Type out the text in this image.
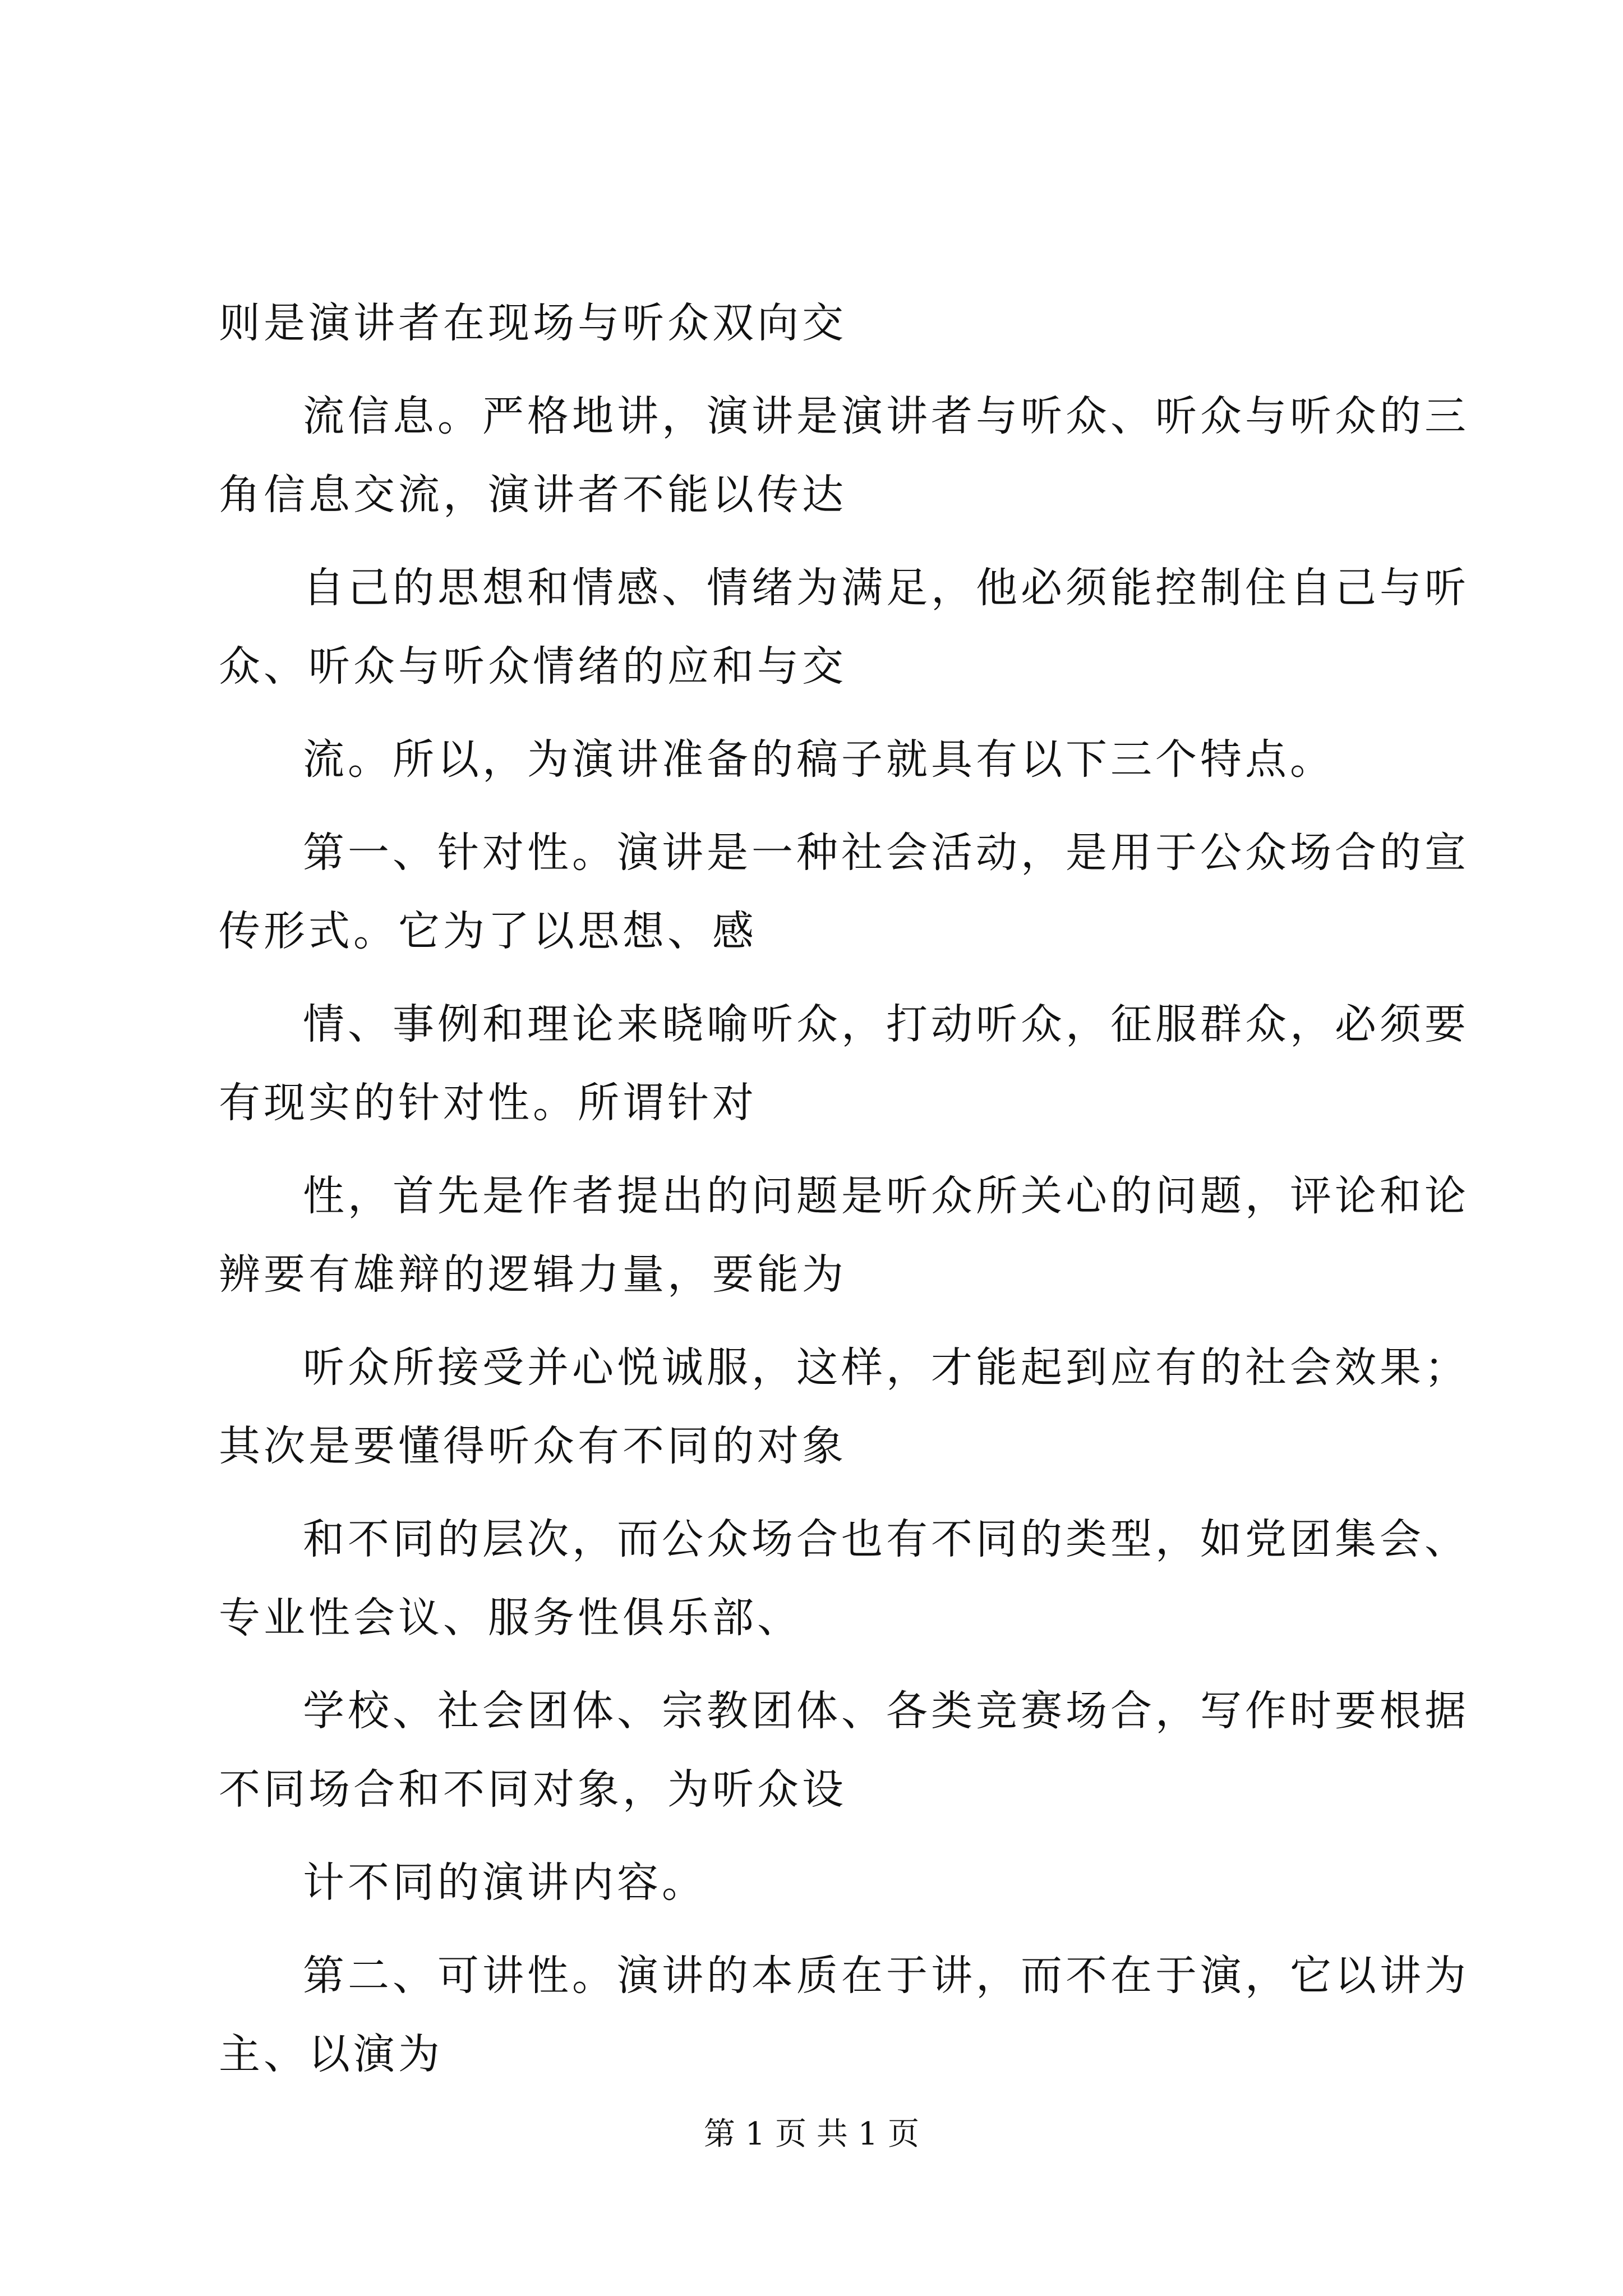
则是演讲者在现场与听众双向交

流信息。严格地讲，演讲是演讲者与听众、听众与听众的三

角信息交流，演讲者不能以传达

自己的思想和情感、情绪为满足，他必须能控制住自己与听

众、听众与听众情绪的应和与交

流。所以，为演讲准备的稿子就具有以下三个特点。

第一、针对性。演讲是一种社会活动，是用于公众场合的宣

传形式。它为了以思想、感

情、事例和理论来晓喻听众，打动听众，征服群众，必须要

有现实的针对性。所谓针对

性，首先是作者提出的问题是听众所关心的问题，评论和论

辨要有雄辩的逻辑力量，要能为

听众所接受并心悦诚服，这样，才能起到应有的社会效果；

其次是要懂得听众有不同的对象

和不同的层次，而公众场合也有不同的类型，如党团集会、

专业性会议、服务性俱乐部、

学校、社会团体、宗教团体、各类竞赛场合，写作时要根据

不同场合和不同对象，为听众设

计不同的演讲内容。

第二、可讲性。演讲的本质在于讲，而不在于演，它以讲为

主、以演为

第 1 页 共 1 页
